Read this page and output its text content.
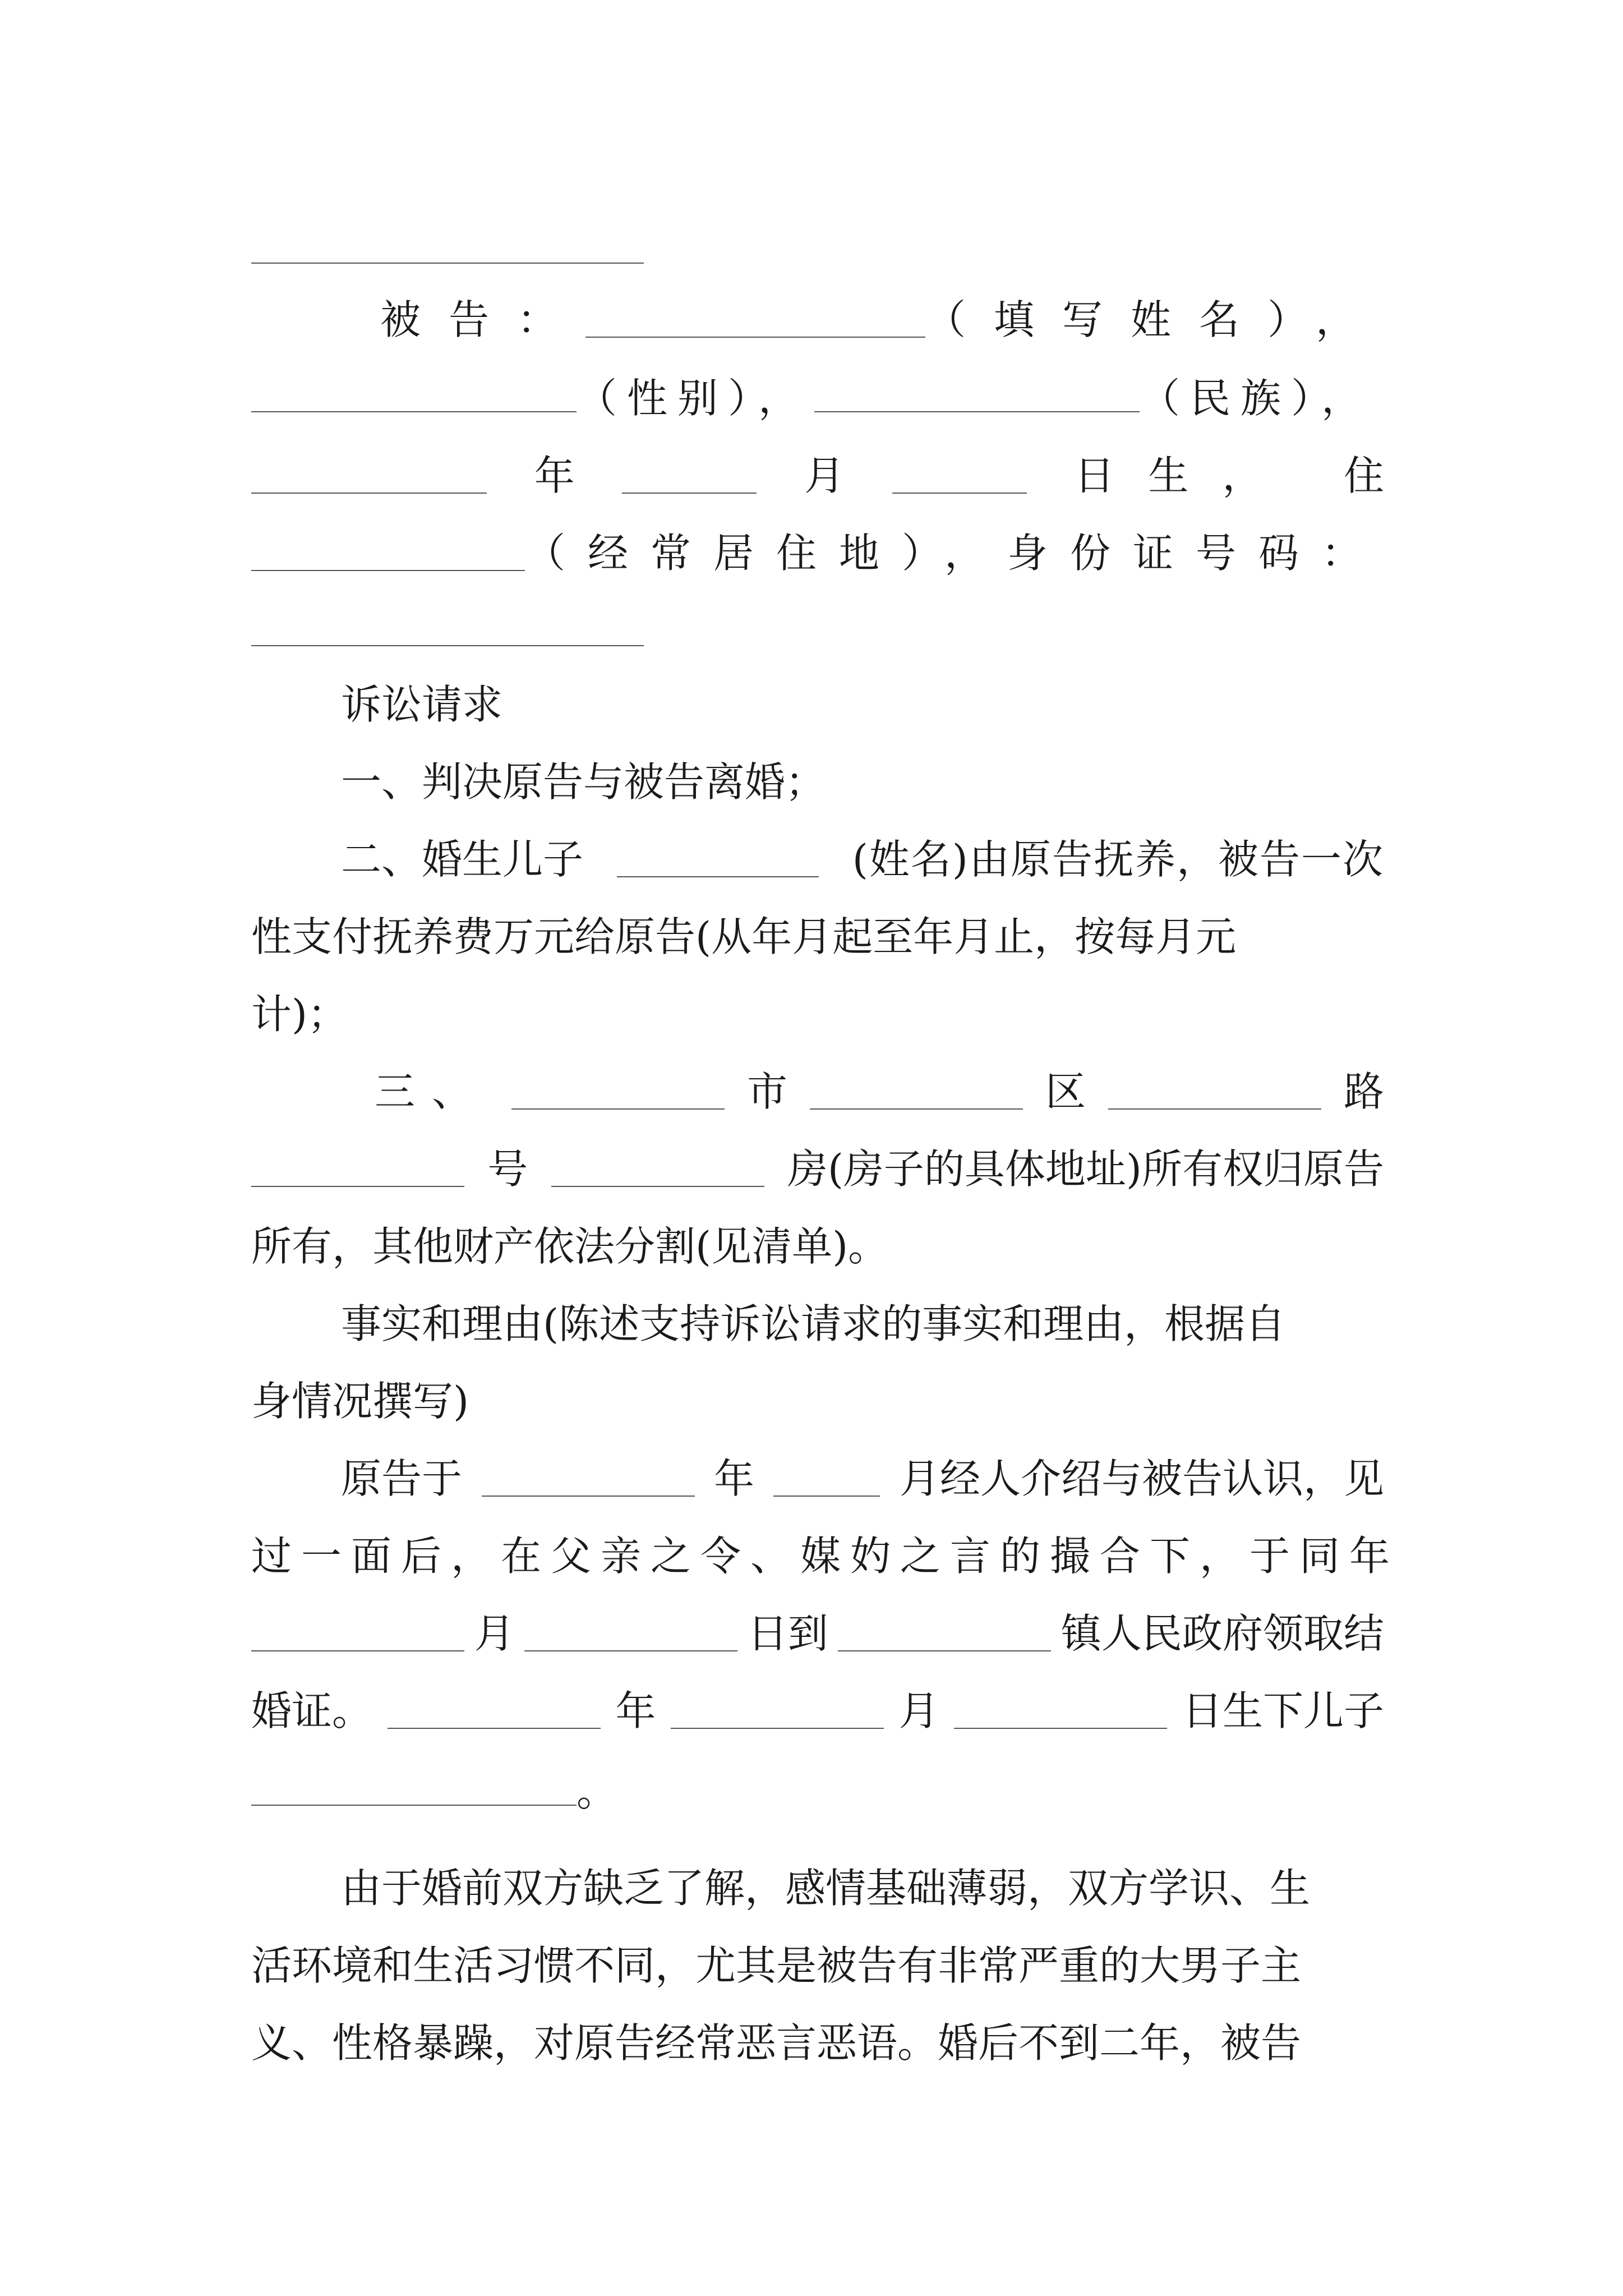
被告：	（填写姓名），
（性别），	（民族），
年	月	日生， 住
（经常居住地），身份证号码：
诉讼请求
一、判决原告与被告离婚；
二、婚生儿子	(姓名)由原告抚养，被告一次
性支付抚养费万元给原告(从年月起至年月止，按每月元
计)；
三、	市	区	路
号	房(房子的具体地址)所有权归原告
所有，其他财产依法分割(见清单)。
事实和理由(陈述支持诉讼请求的事实和理由，根据自
身情况撰写)
原告于	年	月经人介绍与被告认识，见
过一面后，在父亲之令、媒妁之言的撮合下，于同年
月	日到	镇人民政府领取结
婚证。	年	月	日生下儿子
。
由于婚前双方缺乏了解，感情基础薄弱，双方学识、生
活环境和生活习惯不同，尤其是被告有非常严重的大男子主
义、性格暴躁，对原告经常恶言恶语。婚后不到二年，被告
